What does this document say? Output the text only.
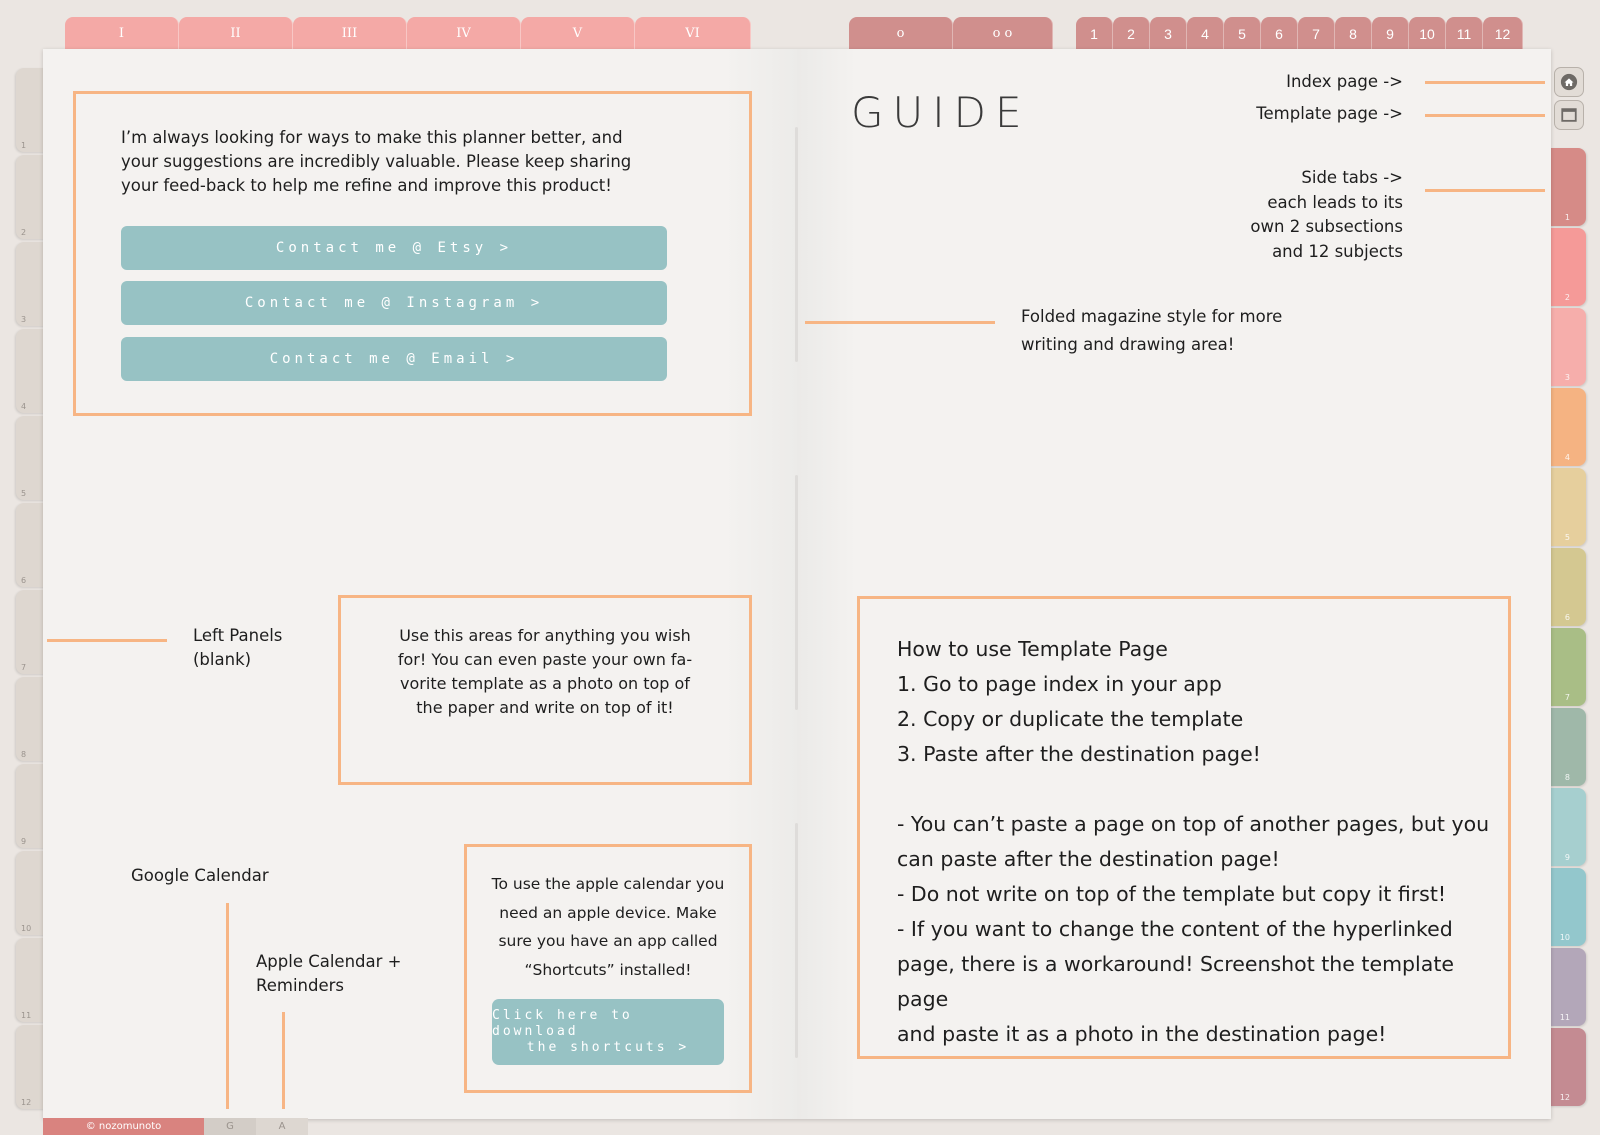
I	II	III	IV	V	VI	o	o o	1	2	3	4	5	6	7	8	9	10	11	12
1
2
3
4
5
6
7
8
9
10
11
12
1
2
3
4
5
6
7
8
9
10
11
12
© nozomunoto	G	A
I’m always looking for ways to make this planner better, and your suggestions are incredibly valuable. Please keep sharing your feed-back to help me refine and improve this product!
Contact me @ Etsy >
Contact me @ Instagram >
Contact me @ Email >
GUIDE
Index page ->
Template page ->
Side tabs ->
each leads to its
own 2 subsections
and 12 subjects
Folded magazine style for more
writing and drawing area!
Left Panels
(blank)
Use this areas for anything you wish for! You can even paste your own fa-vorite template as a photo on top of the paper and write on top of it!
Google Calendar
Apple Calendar +
Reminders
To use the apple calendar you need an apple device. Make sure you have an app called “Shortcuts” installed!
Click here to download
the shortcuts >
How to use Template Page
1. Go to page index in your app
2. Copy or duplicate the template
3. Paste after the destination page!
- You can’t paste a page on top of another pages, but you
can paste after the destination page!
- Do not write on top of the template but copy it first!
- If you want to change the content of the hyperlinked
page, there is a workaround! Screenshot the template page
and paste it as a photo in the destination page!
